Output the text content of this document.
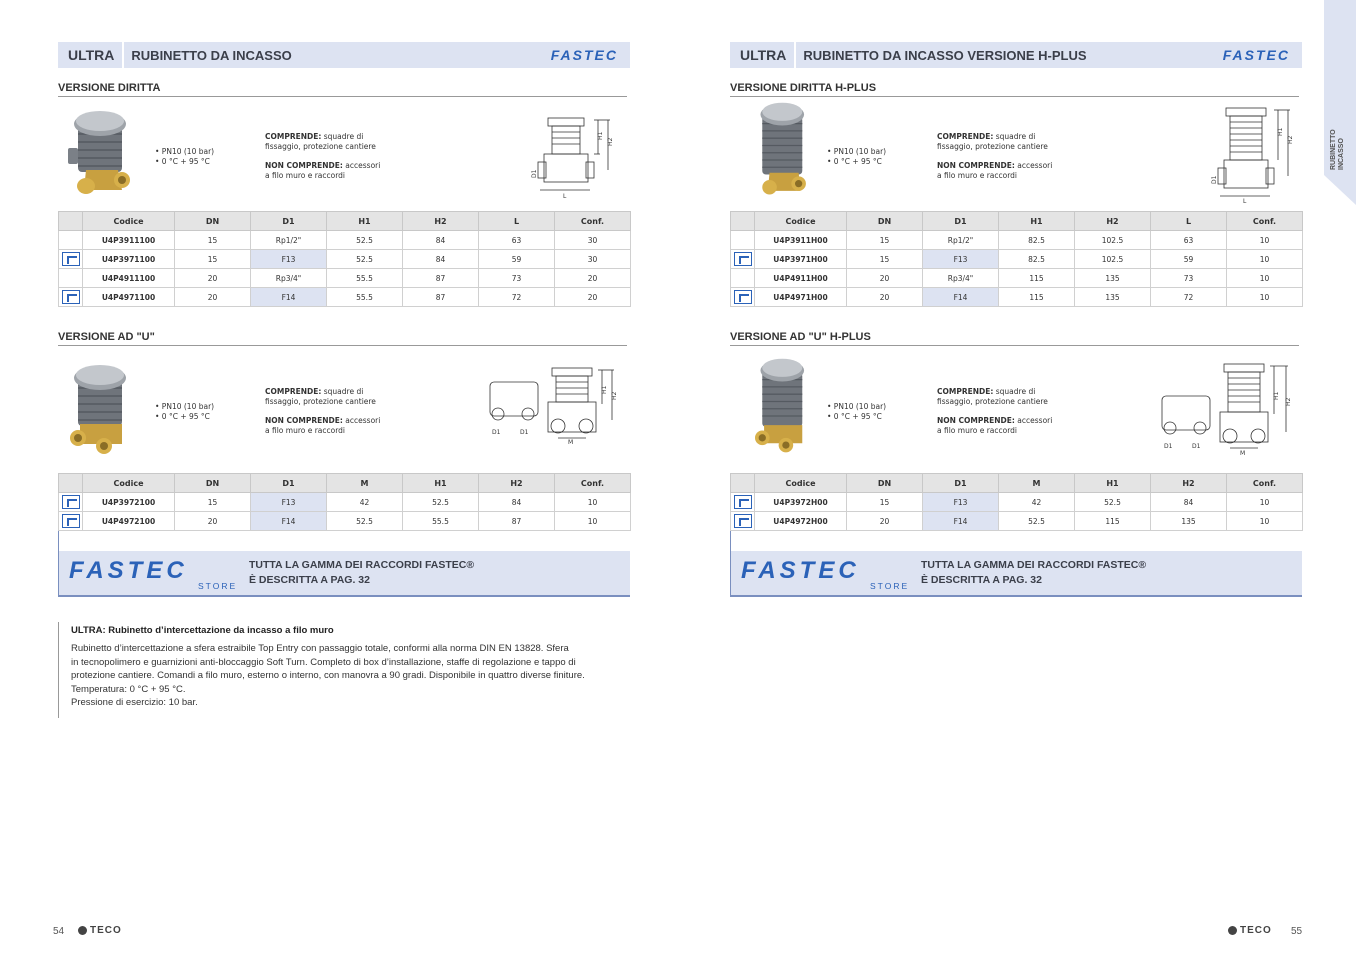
RUBINETTO INCASSO
ULTRA	RUBINETTO DA INCASSO	FASTEC
VERSIONE DIRITTA
• PN10 (10 bar)
• 0 °C + 95 °C
COMPRENDE: squadre di fissaggio, protezione cantiere
NON COMPRENDE: accessori a filo muro e raccordi
H1
H2
D1
L
	Codice	DN	D1	H1	H2	L	Conf.
	U4P3911100	15	Rp1/2"	52.5	84	63	30
	U4P3971100	15	F13	52.5	84	59	30
	U4P4911100	20	Rp3/4"	55.5	87	73	20
	U4P4971100	20	F14	55.5	87	72	20
VERSIONE AD "U"
• PN10 (10 bar)
• 0 °C + 95 °C
COMPRENDE: squadre di fissaggio, protezione cantiere
NON COMPRENDE: accessori a filo muro e raccordi	D1	D1
H1
H2
M
	Codice	DN	D1	M	H1	H2	Conf.
	U4P3972100	15	F13	42	52.5	84	10
	U4P4972100	20	F14	52.5	55.5	87	10
FASTEC
STORE
TUTTA LA GAMMA DEI RACCORDI FASTEC®
È DESCRITTA A PAG. 32
ULTRA: Rubinetto d’intercettazione da incasso a filo muro
Rubinetto d’intercettazione a sfera estraibile Top Entry con passaggio totale, conformi alla norma DIN EN 13828. Sfera
in tecnopolimero e guarnizioni anti-bloccaggio Soft Turn. Completo di box d’installazione, staffe di regolazione e tappo di
protezione cantiere. Comandi a filo muro, esterno o interno, con manovra a 90 gradi. Disponibile in quattro diverse finiture.
Temperatura: 0 °C + 95 °C.
Pressione di esercizio: 10 bar.
54	TECO
ULTRA	RUBINETTO DA INCASSO VERSIONE H-PLUS	FASTEC
VERSIONE DIRITTA H-PLUS
• PN10 (10 bar)
• 0 °C + 95 °C
COMPRENDE: squadre di fissaggio, protezione cantiere
NON COMPRENDE: accessori a filo muro e raccordi
H1
H2
D1
L
	Codice	DN	D1	H1	H2	L	Conf.
	U4P3911H00	15	Rp1/2"	82.5	102.5	63	10
	U4P3971H00	15	F13	82.5	102.5	59	10
	U4P4911H00	20	Rp3/4"	115	135	73	10
	U4P4971H00	20	F14	115	135	72	10
VERSIONE AD "U" H-PLUS
• PN10 (10 bar)
• 0 °C + 95 °C
COMPRENDE: squadre di fissaggio, protezione cantiere
NON COMPRENDE: accessori a filo muro e raccordi
D1	D1
H1
H2
M
	Codice	DN	D1	M	H1	H2	Conf.
	U4P3972H00	15	F13	42	52.5	84	10
	U4P4972H00	20	F14	52.5	115	135	10
FASTEC
STORE
TUTTA LA GAMMA DEI RACCORDI FASTEC®
È DESCRITTA A PAG. 32
TECO 55
